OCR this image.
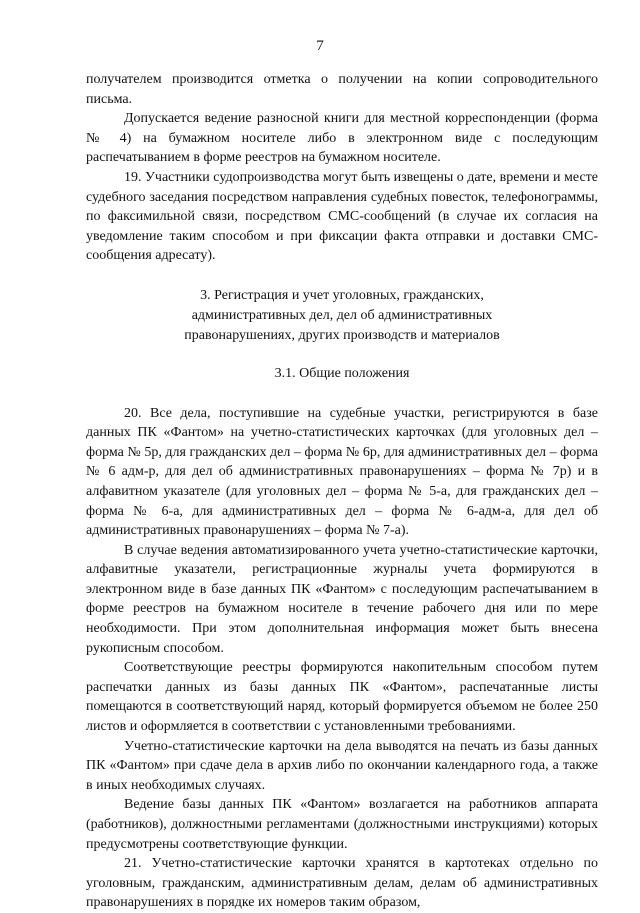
7

получателем производится отметка о получении на копии сопроводительного письма.

Допускается ведение разносной книги для местной корреспонденции (форма № 4) на бумажном носителе либо в электронном виде с последующим распечатыванием в форме реестров на бумажном носителе.

19. Участники судопроизводства могут быть извещены о дате, времени и месте судебного заседания посредством направления судебных повесток, телефонограммы, по факсимильной связи, посредством СМС-сообщений (в случае их согласия на уведомление таким способом и при фиксации факта отправки и доставки СМС-сообщения адресату).

3. Регистрация и учет уголовных, гражданских,

административных дел, дел об административных

правонарушениях, других производств и материалов

3.1. Общие положения

20. Все дела, поступившие на судебные участки, регистрируются в базе данных ПК «Фантом» на учетно-статистических карточках (для уголовных дел – форма № 5р, для гражданских дел – форма № 6р, для административных дел – форма № 6 адм-р, для дел об административных правонарушениях – форма № 7р) и в алфавитном указателе (для уголовных дел – форма № 5-а, для гражданских дел – форма № 6-а, для административных дел – форма № 6-адм-а, для дел об административных правонарушениях – форма № 7-а).

В случае ведения автоматизированного учета учетно-статистические карточки, алфавитные указатели, регистрационные журналы учета формируются в электронном виде в базе данных ПК «Фантом» с последующим распечатыванием в форме реестров на бумажном носителе в течение рабочего дня или по мере необходимости. При этом дополнительная информация может быть внесена рукописным способом.

Соответствующие реестры формируются накопительным способом путем распечатки данных из базы данных ПК «Фантом», распечатанные листы помещаются в соответствующий наряд, который формируется объемом не более 250 листов и оформляется в соответствии с установленными требованиями.

Учетно-статистические карточки на дела выводятся на печать из базы данных ПК «Фантом» при сдаче дела в архив либо по окончании календарного года, а также в иных необходимых случаях.

Ведение базы данных ПК «Фантом» возлагается на работников аппарата (работников), должностными регламентами (должностными инструкциями) которых предусмотрены соответствующие функции.

21. Учетно-статистические карточки хранятся в картотеках отдельно по уголовным, гражданским, административным делам, делам об административных правонарушениях в порядке их номеров таким образом,
